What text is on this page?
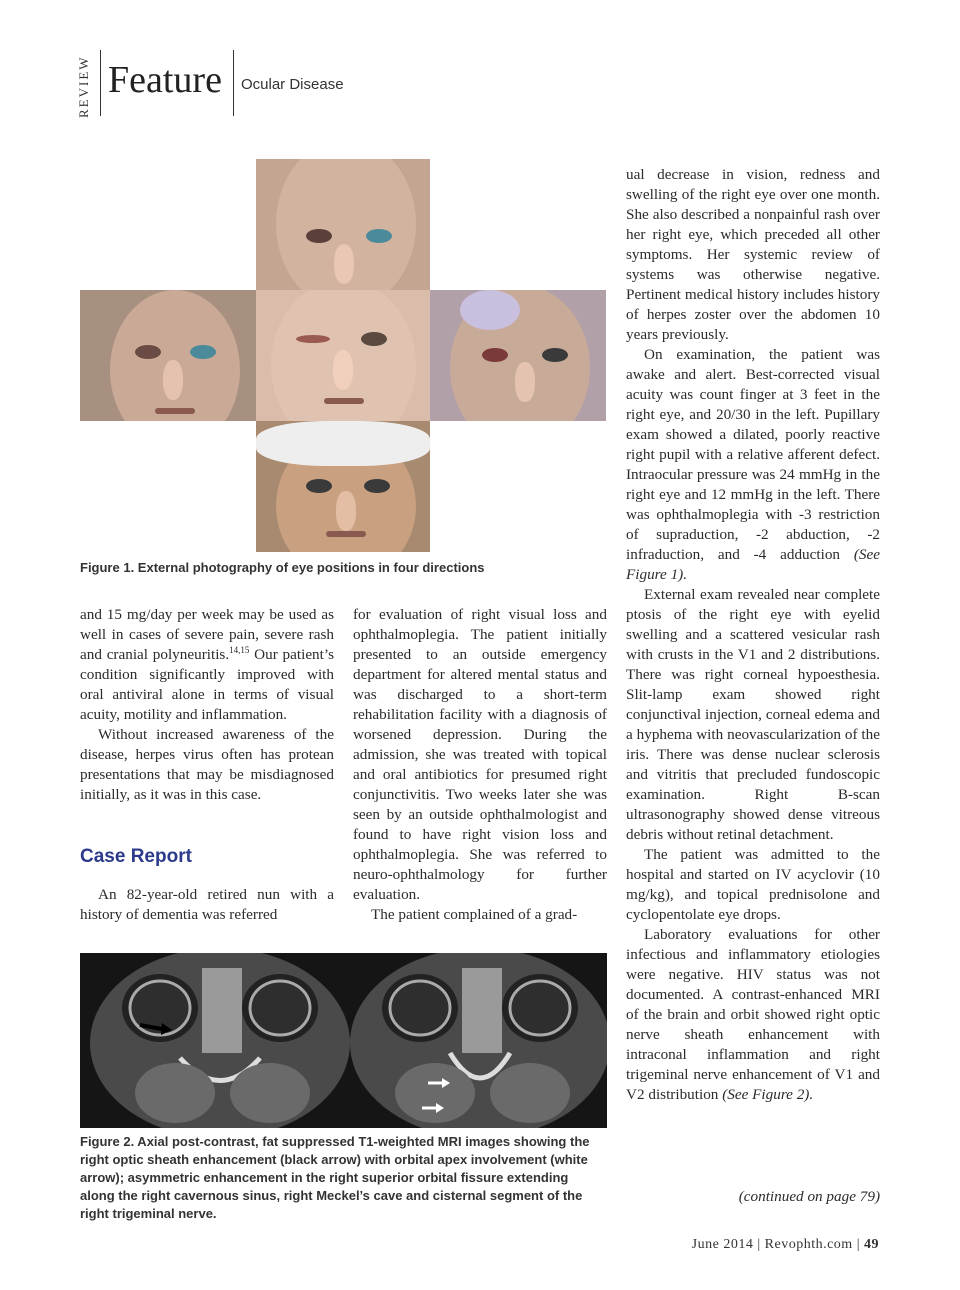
REVIEW Feature Ocular Disease
Figure 1. External photography of eye positions in four directions

and 15 mg/day per week may be used as well in cases of severe pain, severe rash and cranial polyneuritis.$^{14,15}$ Our patient’s condition significantly improved with oral antiviral alone in terms of visual acuity, motility and inflammation.

Without increased awareness of the disease, herpes virus often has protean presentations that may be misdiagnosed initially, as it was in this case.

Case Report

An 82-year-old retired nun with a history of dementia was referred

for evaluation of right visual loss and ophthalmoplegia. The patient initially presented to an outside emergency department for altered mental status and was discharged to a short-term rehabilitation facility with a diagnosis of worsened depression. During the admission, she was treated with topical and oral antibiotics for presumed right conjunctivitis. Two weeks later she was seen by an outside ophthalmologist and found to have right vision loss and ophthalmoplegia. She was referred to neuro-ophthalmology for further evaluation.

The patient complained of a grad-

ual decrease in vision, redness and swelling of the right eye over one month. She also described a nonpainful rash over her right eye, which preceded all other symptoms. Her systemic review of systems was otherwise negative. Pertinent medical history includes history of herpes zoster over the abdomen 10 years previously.

On examination, the patient was awake and alert. Best-corrected visual acuity was count finger at 3 feet in the right eye, and 20/30 in the left. Pupillary exam showed a dilated, poorly reactive right pupil with a relative afferent defect. Intraocular pressure was 24 mmHg in the right eye and 12 mmHg in the left. There was ophthalmoplegia with -3 restriction of supraduction, -2 abduction, -2 infraduction, and -4 adduction (See Figure 1).

External exam revealed near complete ptosis of the right eye with eyelid swelling and a scattered vesicular rash with crusts in the V1 and 2 distributions. There was right corneal hypoesthesia. Slit-lamp exam showed right conjunctival injection, corneal edema and a hyphema with neovascularization of the iris. There was dense nuclear sclerosis and vitritis that precluded fundoscopic examination. Right B-scan ultrasonography showed dense vitreous debris without retinal detachment.

The patient was admitted to the hospital and started on IV acyclovir (10 mg/kg), and topical prednisolone and cyclopentolate eye drops.

Laboratory evaluations for other infectious and inflammatory etiologies were negative. HIV status was not documented. A contrast-enhanced MRI of the brain and orbit showed right optic nerve sheath enhancement with intraconal inflammation and right trigeminal nerve enhancement of V1 and V2 distribution (See Figure 2).

(continued on page 79)
Figure 2. Axial post-contrast, fat suppressed T1-weighted MRI images showing the right optic sheath enhancement (black arrow) with orbital apex involvement (white arrow); asymmetric enhancement in the right superior orbital fissure extending along the right cavernous sinus, right Meckel’s cave and cisternal segment of the right trigeminal nerve.
June 2014 | Revophth.com | 49
